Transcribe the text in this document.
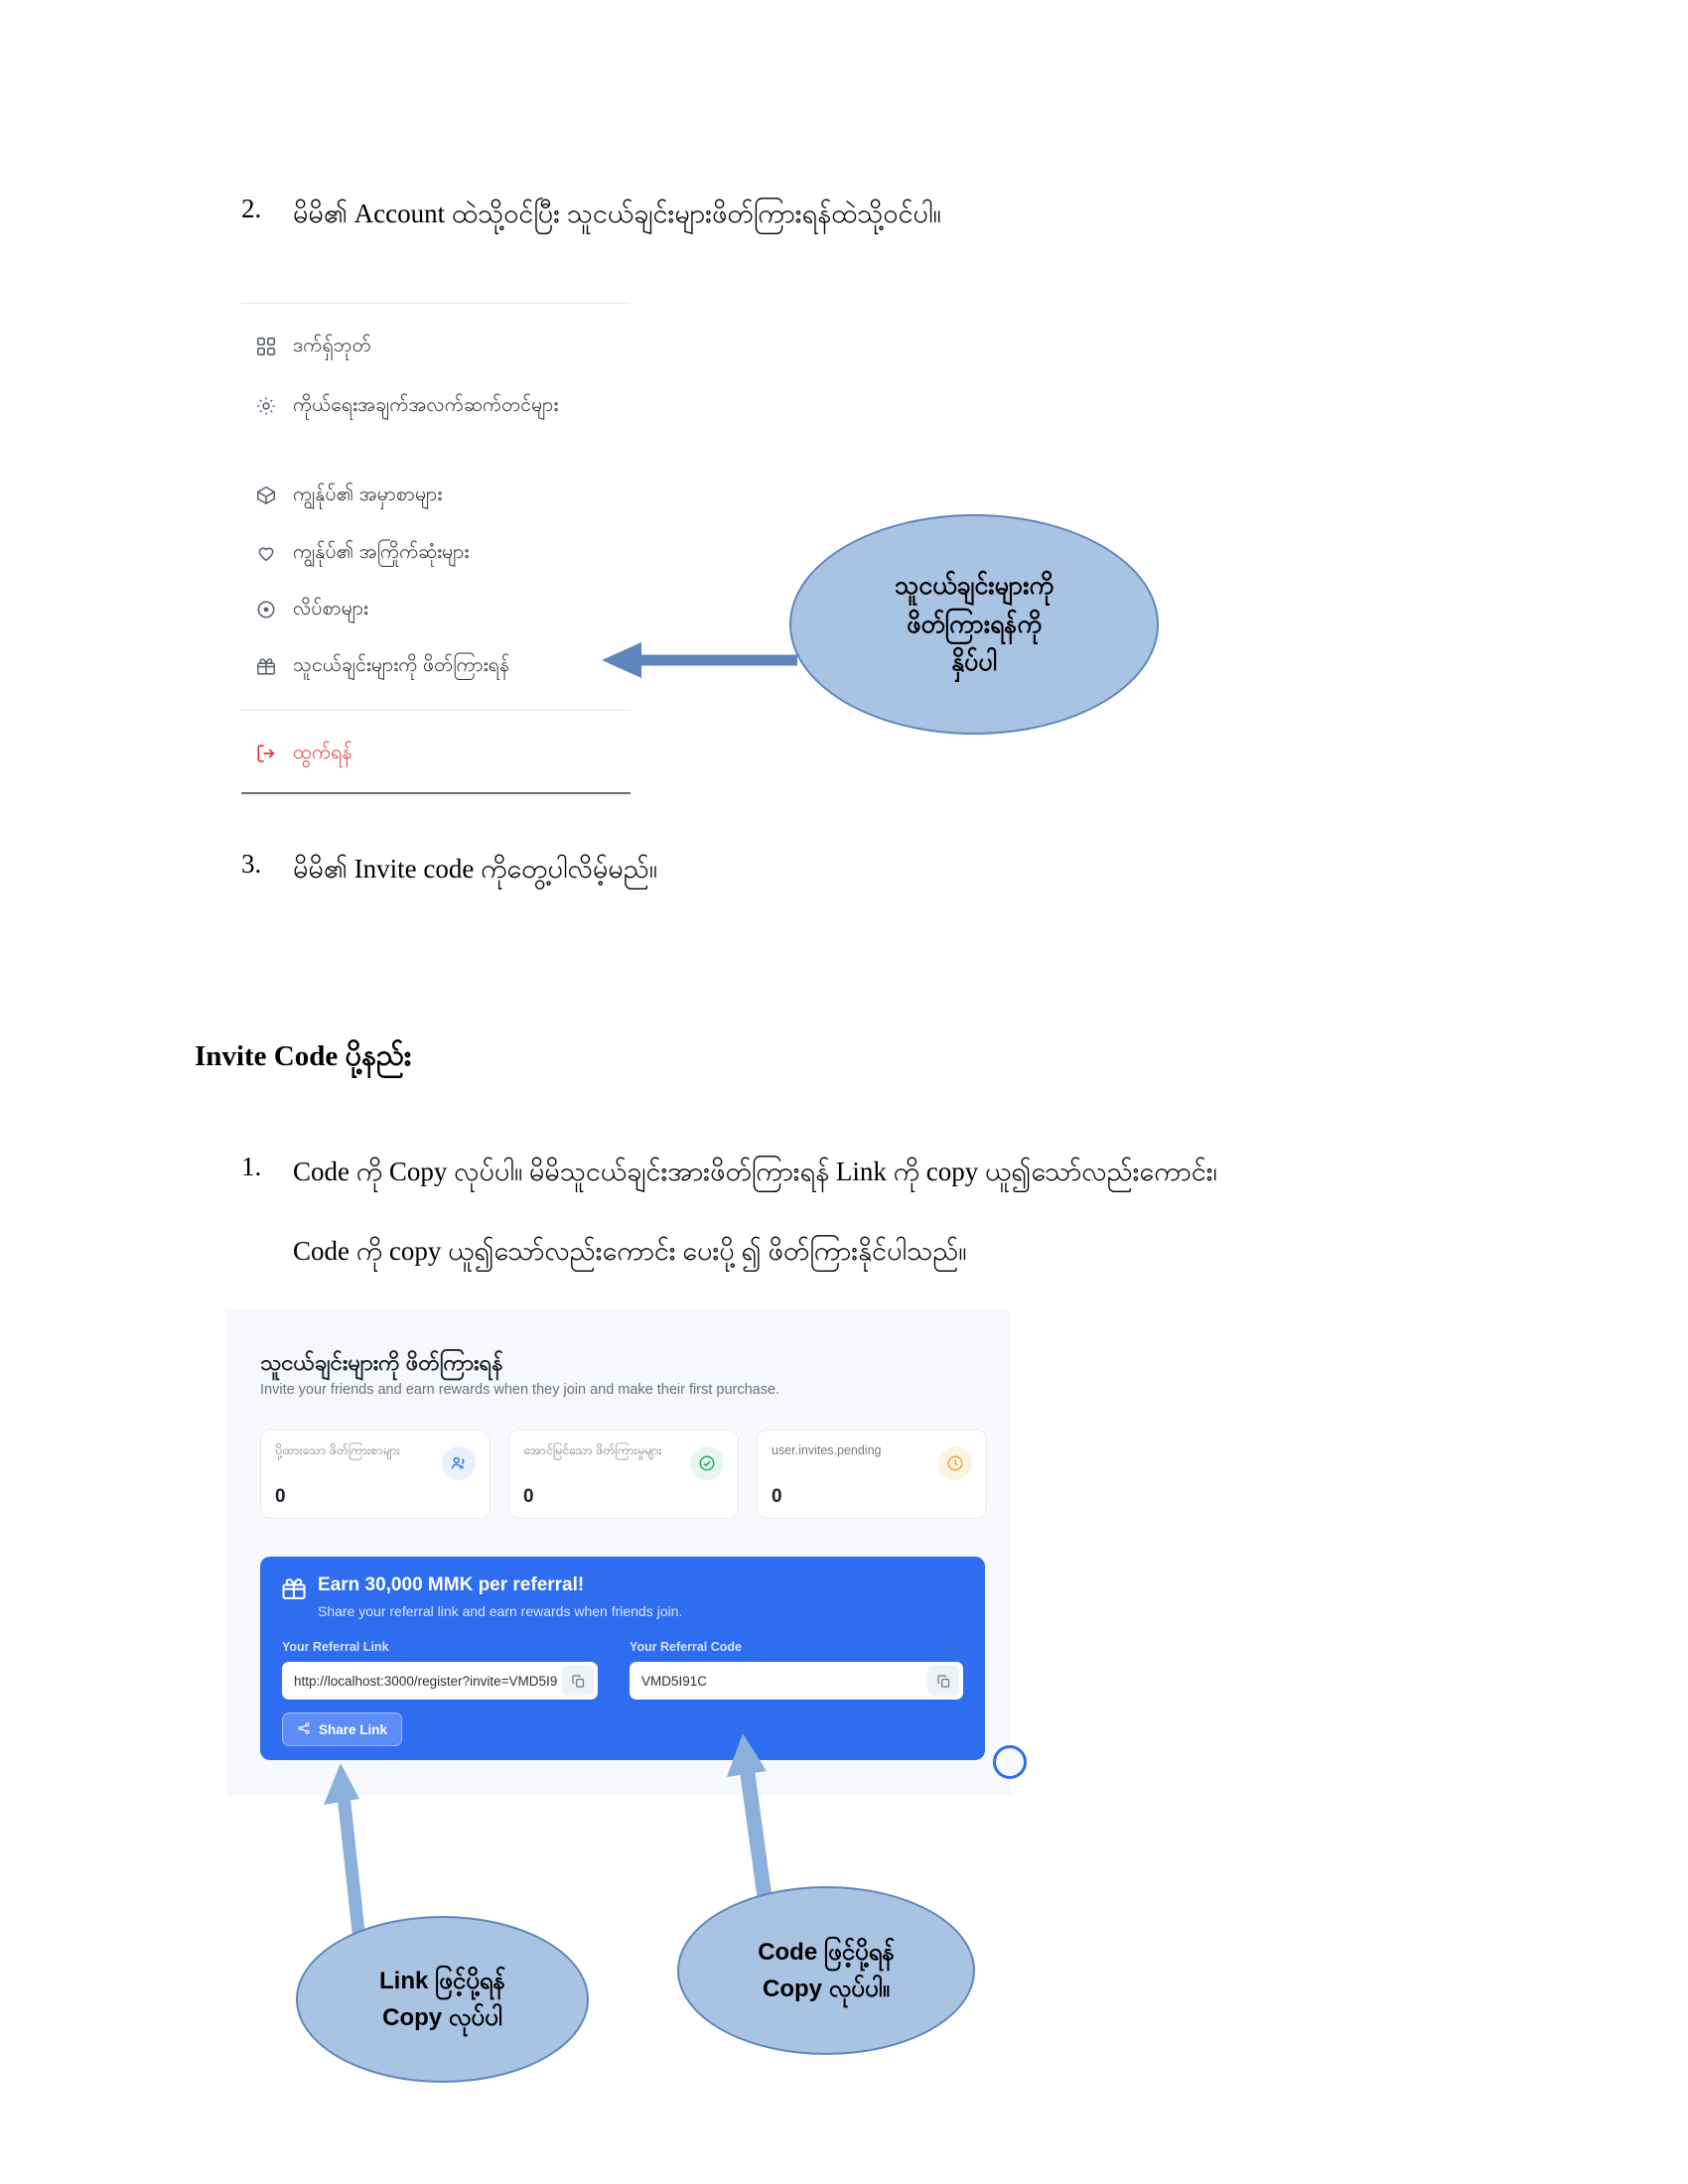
2. မိမိ၏ Account ထဲသို့ဝင်ပြီး သူငယ်ချင်းများဖိတ်ကြားရန်ထဲသို့ဝင်ပါ။
ဒက်ရှ်ဘုတ်
ကိုယ်ရေးအချက်အလက်ဆက်တင်များ
ကျွန်ုပ်၏ အမှာစာများ
ကျွန်ုပ်၏ အကြိုက်ဆုံးများ
လိပ်စာများ
သူငယ်ချင်းများကို ဖိတ်ကြားရန်
ထွက်ရန်
သူငယ်ချင်းများကို
ဖိတ်ကြားရန်ကို
နှိပ်ပါ
3. မိမိ၏ Invite code ကိုတွေ့ပါလိမ့်မည်။
Invite Code ပို့နည်း
1. Code ကို Copy လုပ်ပါ။ မိမိသူငယ်ချင်းအားဖိတ်ကြားရန် Link ကို copy ယူ၍သော်လည်းကောင်း၊
Code ကို copy ယူ၍သော်လည်းကောင်း ပေးပို့၍ ဖိတ်ကြားနိုင်ပါသည်။
သူငယ်ချင်းများကို ဖိတ်ကြားရန်
Invite your friends and earn rewards when they join and make their first purchase.
ပို့ထားသော ဖိတ်ကြားစာများ
0
အောင်မြင်သော ဖိတ်ကြားမှုများ
0
user.invites.pending
0
Earn 30,000 MMK per referral!
Share your referral link and earn rewards when friends join.
Your Referral Link
http://localhost:3000/register?invite=VMD5I9
Your Referral Code
VMD5I91C
Share Link
Link ဖြင့်ပို့ရန်
Copy လုပ်ပါ
Code ဖြင့်ပို့ရန်
Copy လုပ်ပါ။
